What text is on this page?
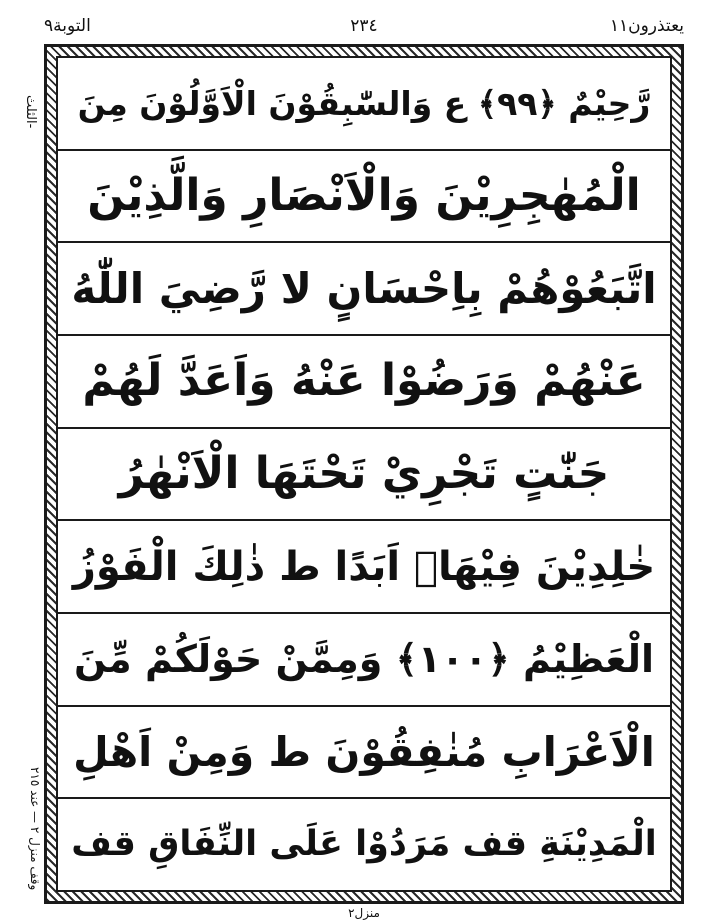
التوبة٩	٢٣٤	يعتذرون١١
-الثلث	رَّحِيْمٌ ﴿٩٩﴾ ع وَالسّٰبِقُوْنَ الْاَوَّلُوْنَ مِنَ
الْمُهٰجِرِيْنَ وَالْاَنْصَارِ وَالَّذِيْنَ
اتَّبَعُوْهُمْ بِاِحْسَانٍ لا رَّضِيَ اللّٰهُ
عَنْهُمْ وَرَضُوْا عَنْهُ وَاَعَدَّ لَهُمْ
جَنّٰتٍ تَجْرِيْ تَحْتَهَا الْاَنْهٰرُ
خٰلِدِيْنَ فِيْهَاۤ اَبَدًا ط ذٰلِكَ الْفَوْزُ
الْعَظِيْمُ ﴿١٠٠﴾ وَمِمَّنْ حَوْلَكُمْ مِّنَ
الْاَعْرَابِ مُنٰفِقُوْنَ ط وَمِنْ اَهْلِ
الْمَدِيْنَةِ قف مَرَدُوْا عَلَى النِّفَاقِ قف
وقف منزل ٢ — عند ٢١٥
منزل٢
